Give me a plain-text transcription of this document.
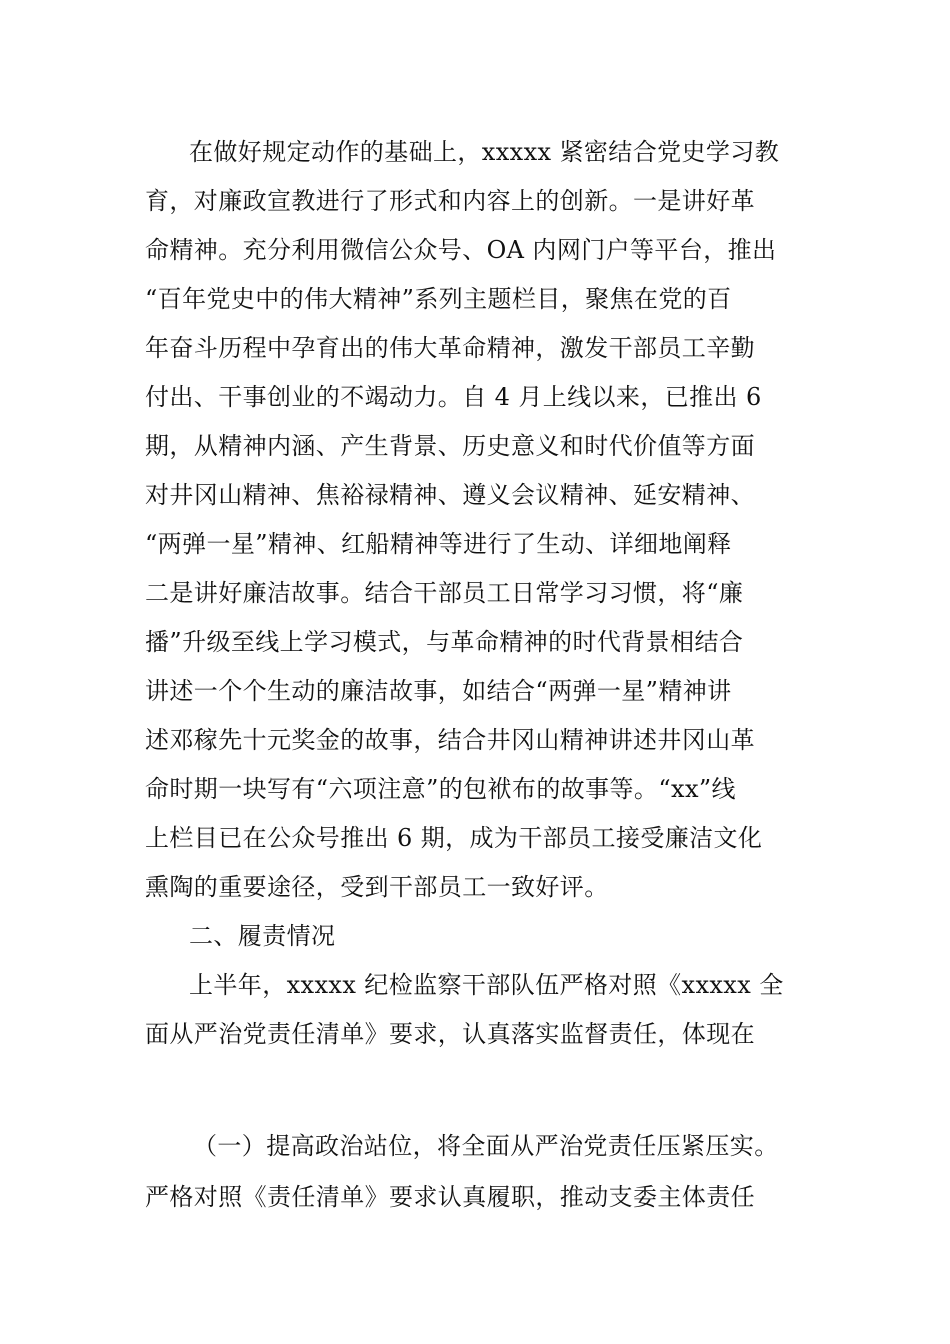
在做好规定动作的基础上，xxxxx 紧密结合党史学习教

育，对廉政宣教进行了形式和内容上的创新。一是讲好革

命精神。充分利用微信公众号、OA 内网门户等平台，推出

“百年党史中的伟大精神”系列主题栏目，聚焦在党的百

年奋斗历程中孕育出的伟大革命精神，激发干部员工辛勤

付出、干事创业的不竭动力。自 4 月上线以来，已推出 6

期，从精神内涵、产生背景、历史意义和时代价值等方面

对井冈山精神、焦裕禄精神、遵义会议精神、延安精神、

“两弹一星”精神、红船精神等进行了生动、详细地阐释

二是讲好廉洁故事。结合干部员工日常学习习惯，将“廉

播”升级至线上学习模式，与革命精神的时代背景相结合

讲述一个个生动的廉洁故事，如结合“两弹一星”精神讲

述邓稼先十元奖金的故事，结合井冈山精神讲述井冈山革

命时期一块写有“六项注意”的包袱布的故事等。“xx”线

上栏目已在公众号推出 6 期，成为干部员工接受廉洁文化

熏陶的重要途径，受到干部员工一致好评。

二、履责情况

上半年，xxxxx 纪检监察干部队伍严格对照《xxxxx 全

面从严治党责任清单》要求，认真落实监督责任，体现在

（一）提高政治站位，将全面从严治党责任压紧压实。

严格对照《责任清单》要求认真履职，推动支委主体责任
